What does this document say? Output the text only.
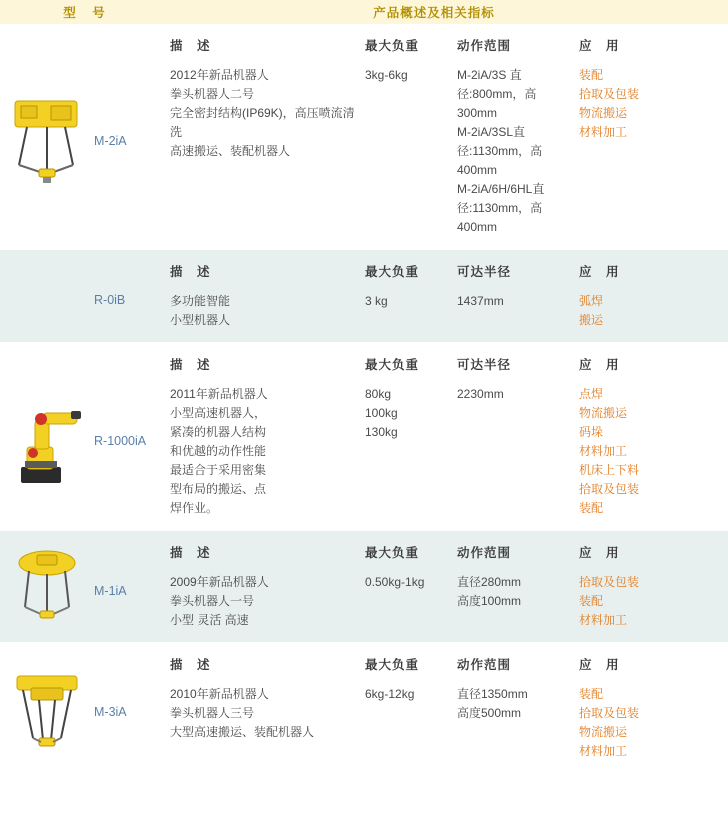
型　号	产品概述及相关指标
M-2iA
描　述
2012年新品机器人
拳头机器人二号
完全密封结构(IP69K)，高压喷流清
洗
高速搬运、装配机器人
最大负重
3kg-6kg
动作范围
M-2iA/3S 直
径:800mm，高
300mm
M-2iA/3SL直
径:1130mm，高
400mm
M-2iA/6H/6HL直
径:1130mm，高
400mm
应　用
装配
拾取及包装
物流搬运
材料加工
R-0iB
描　述
多功能智能
小型机器人
最大负重
3 kg
可达半径
1437mm
应　用
弧焊
搬运
R-1000iA
描　述
2011年新品机器人
小型高速机器人，
紧凑的机器人结构
和优越的动作性能
最适合于采用密集
型布局的搬运、点
焊作业。
最大负重
80kg
100kg
130kg
可达半径
2230mm
应　用
点焊
物流搬运
码垛
材料加工
机床上下料
拾取及包装
装配
M-1iA
描　述
2009年新品机器人
拳头机器人一号
小型 灵活 高速
最大负重
0.50kg-1kg
动作范围
直径280mm
高度100mm
应　用
拾取及包装
装配
材料加工
M-3iA
描　述
2010年新品机器人
拳头机器人三号
大型高速搬运、装配机器人
最大负重
6kg-12kg
动作范围
直径1350mm
高度500mm
应　用
装配
拾取及包装
物流搬运
材料加工
